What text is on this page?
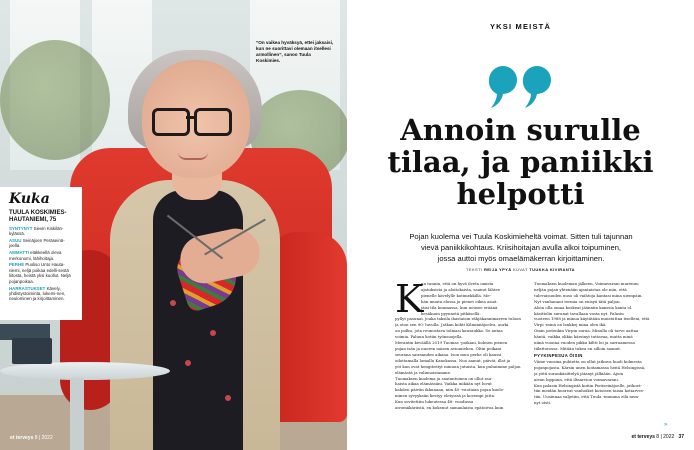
”On vaikea hyväksyä, ettei jaksaisi, kun ne suorittavi olemaan itsellesi armollinen”, sanoo Tuula Koskimies.
Kuka
TUULA KOSKIMIES-HAUTANIEMI, 75
SYNTYNYT Sievin Kiskilän-kylässä.
ASUU Seinäjoen Peräseinä-joella.
AMMATTI eläkkeellä oleva merkonomi, lähihoitaja.
PERHE Puoliso Unto Hauta-nlemi, neljä poikaa edelli-sestä liitosta, heistä yksi kuollut. Neljä pojanpoikaa.
HARRASTUKSET Kävely, yhdistystoiminta, lukemi-nen, neulominen ja kirjoittaminen.
et terveys 8 | 2022
YKSI MEISTÄ
Annoin surulle
tilaa, ja paniikki
helpotti
Pojan kuolema vei Tuula Koskimieheltä voimat. Sitten tuli tajunnan
vievä paniikkikohtaus. Kriisihoitajan avulla alkoi toipuminen,
jossa auttoi myös omaelämäkerran kirjoittaminen.
TEKSTI REIJA YPYÄ KUVAT TUUKKA KIVIRANTA
K

un tunnin, että on hyvä ilveta omista

ajatuksista ja aloitoksista, saanut lähtee

pienelle kävelylle kotimekkilla. Me-

hän muuta elossa ja pienet oikea asiat.

jäisi tila kuumassa, kun nousee eräänä

kesäkuun pyynnetä pitkäsellä.

pyllyt pasunai, jouka taksila ihastaisin rähjäkannimarren tuloon

ja oton sen 90- luvulla. Jatkan kohti Kilminnäjoelva, aurki

on polku, jota reunostava tolmasi kausaukko. Se antaa

voimia. Paluun kotiin työnsuojella.

Merantin keväällä 2019 Tuomas -poikani, kolmen pienen

pojan isän ja nuoren naisen aviomiehen. Oltin poikani

seurana sairaanden aikana. Ison muu perhe oli kanssi

odottamalla lomalla Kanokassa. Nuo aamut, päivät, illat ja

yöt kun ovat hengitestyt minuun jutuista, kun puhuimme paljon

elämästä ja valinnoistamme.

Tuomaksen kuolema ja saatantoinen on ollut rau-

haista aikaa elämässäni. Vaikka mikään nyt luvut

kahden päivän ikkunaan, niin 40 -vuotiaan pojan kuole-

minen syvyyksiin kestyy eletyissä ja kovempi jutta.

Kun sovitettiin lukeutessa 48- vuodussa

aivomäkäriistä, en kokenut samanlaista epätoivoa kuin

Tuomaksen kuoleman jälkeen. Voimavarani murenuu

neljän pojan yhtenään ajantaistaa ole niin, että

tulevaisuuden uuso oli vaihtoja kantasi mina uiempäin.

Nyt vanhanaut termia on enisyä tätä paljon.

Aloin olla omaa koskeat jäänniin kanssia kanta ol.

käsittelin surunat tavallaan vasta nyt. Palasin

vuoteen 1988 ja minua käytätään muistuttaa itselleni, että

Virpi -minä on lenkkej mina olen ikä.

Omin jostenkin Virpin surua. Minulla oli tarve aattaa

häntä, vaikka olikin kärsinyt tuttavaa, mutta minä

niinä vuonna vuoden pikku kiltti lei ja surraamessa

tiilattorossa. Mitään tukea en silloin saanut.

PYYKINPESUA ÖISIN

Viime vuosina puhtetta on ollut jatkuva huoli kolmesta

pojanpojasta. Kärsin unen hoitamassa heitä Helsingissä,

ja yötä surunkäsittelyä jätanyt jälkiään. Ajoin

aivan loppuun, että iltaarvion voimavarani.

Kun palasin Helsingistä kotiin Peräseinäjoelle, jatkoet-

tiin meidän huoreat vanhoiket kotoisen taisia kotiarves-

tiin. Uusinnaa valjetiin, että Tuula -mumma eilä nem-

nyt oisti.

»
et terveys 8 | 2022 37
